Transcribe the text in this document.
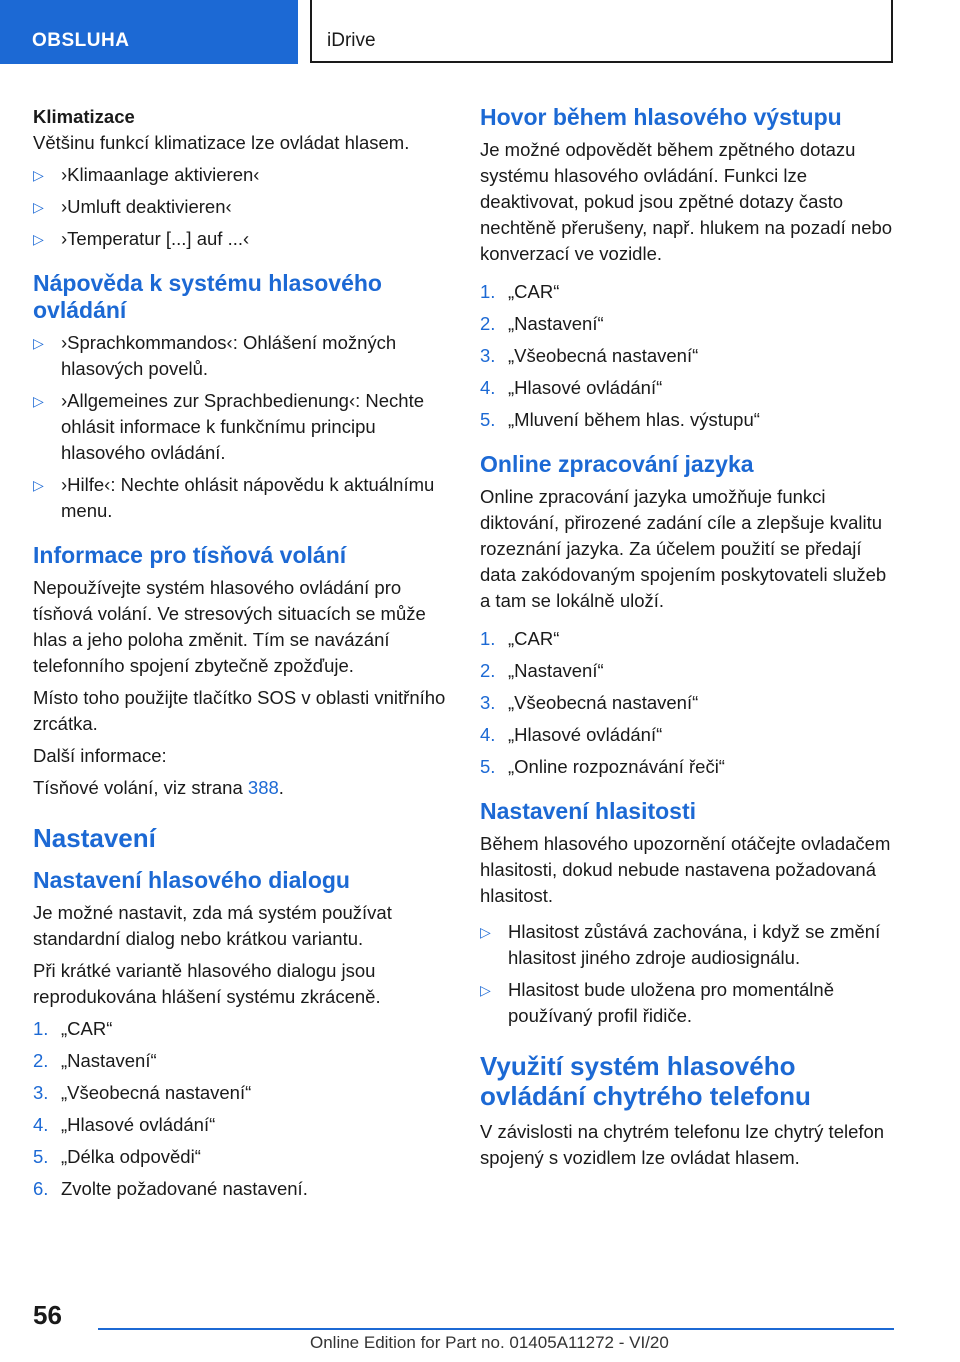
OBSLUHA	iDrive
Klimatizace

Většinu funkcí klimatizace lze ovládat hlasem.

▷ ›Klimaanlage aktivieren‹
▷ ›Umluft deaktivieren‹
▷ ›Temperatur [...] auf ...‹
Nápověda k systému hlasového ovládání
▷ ›Sprachkommandos‹: Ohlášení možných hlasových povelů.
▷ ›Allgemeines zur Sprachbedienung‹: Nechte ohlásit informace k funkčnímu principu hlasového ovládání.
▷ ›Hilfe‹: Nechte ohlásit nápovědu k aktuálnímu menu.
Informace pro tísňová volání

Nepoužívejte systém hlasového ovládání pro tísňová volání. Ve stresových situacích se může hlas a jeho poloha změnit. Tím se navázání telefonního spojení zbytečně zpožďuje.

Místo toho použijte tlačítko SOS v oblasti vnitřního zrcátka.

Další informace:

Tísňové volání, viz strana 388.

Nastavení
Nastavení hlasového dialogu

Je možné nastavit, zda má systém používat standardní dialog nebo krátkou variantu.

Při krátké variantě hlasového dialogu jsou reprodukována hlášení systému zkráceně.

1. „CAR“
2. „Nastavení“
3. „Všeobecná nastavení“
4. „Hlasové ovládání“
5. „Délka odpovědi“
6. Zvolte požadované nastavení.
Hovor během hlasového výstupu

Je možné odpovědět během zpětného dotazu systému hlasového ovládání. Funkci lze deaktivovat, pokud jsou zpětné dotazy často nechtěně přerušeny, např. hlukem na pozadí nebo konverzací ve vozidle.

1. „CAR“
2. „Nastavení“
3. „Všeobecná nastavení“
4. „Hlasové ovládání“
5. „Mluvení během hlas. výstupu“
Online zpracování jazyka

Online zpracování jazyka umožňuje funkci diktování, přirozené zadání cíle a zlepšuje kvalitu rozeznání jazyka. Za účelem použití se předají data zakódovaným spojením poskytovateli služeb a tam se lokálně uloží.

1. „CAR“
2. „Nastavení“
3. „Všeobecná nastavení“
4. „Hlasové ovládání“
5. „Online rozpoznávání řeči“
Nastavení hlasitosti

Během hlasového upozornění otáčejte ovladačem hlasitosti, dokud nebude nastavena požadovaná hlasitost.

▷ Hlasitost zůstává zachována, i když se změní hlasitost jiného zdroje audiosignálu.
▷ Hlasitost bude uložena pro momentálně používaný profil řidiče.
Využití systém hlasového ovládání chytrého telefonu

V závislosti na chytrém telefonu lze chytrý telefon spojený s vozidlem lze ovládat hlasem.

56
Online Edition for Part no. 01405A11272 - VI/20
